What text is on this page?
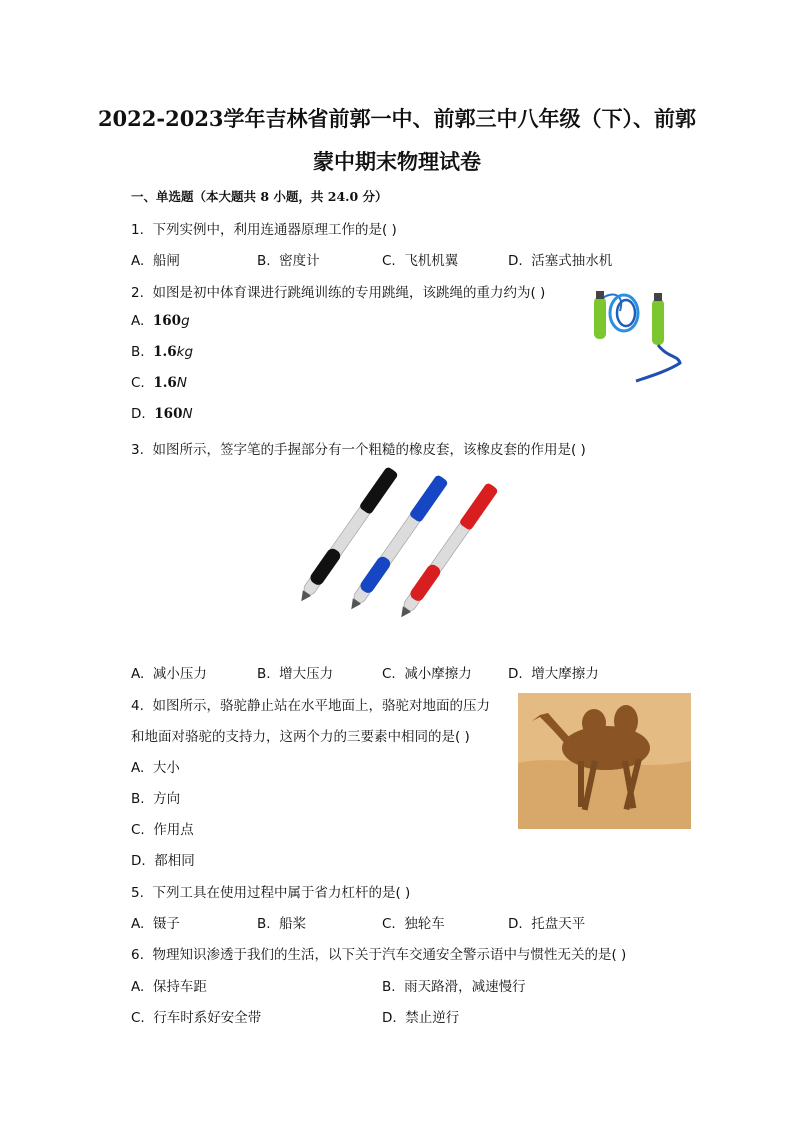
2022-2023学年吉林省前郭一中、前郭三中八年级（下）、前郭
蒙中期末物理试卷
一、单选题（本大题共 8 小题，共 24.0 分）
1. 下列实例中，利用连通器原理工作的是( )
A. 船闸	B. 密度计	C. 飞机机翼	D. 活塞式抽水机
2. 如图是初中体育课进行跳绳训练的专用跳绳，该跳绳的重力约为( )
A. 160g
B. 1.6kg
C. 1.6N
D. 160N
3. 如图所示，签字笔的手握部分有一个粗糙的橡皮套，该橡皮套的作用是( )
A. 减小压力	B. 增大压力	C. 减小摩擦力	D. 增大摩擦力
4. 如图所示，骆驼静止站在水平地面上，骆驼对地面的压力
和地面对骆驼的支持力，这两个力的三要素中相同的是( )
A. 大小
B. 方向
C. 作用点
D. 都相同
5. 下列工具在使用过程中属于省力杠杆的是( )
A. 镊子	B. 船桨	C. 独轮车	D. 托盘天平
6. 物理知识渗透于我们的生活，以下关于汽车交通安全警示语中与惯性无关的是( )
A. 保持车距	B. 雨天路滑，减速慢行
C. 行车时系好安全带	D. 禁止逆行
